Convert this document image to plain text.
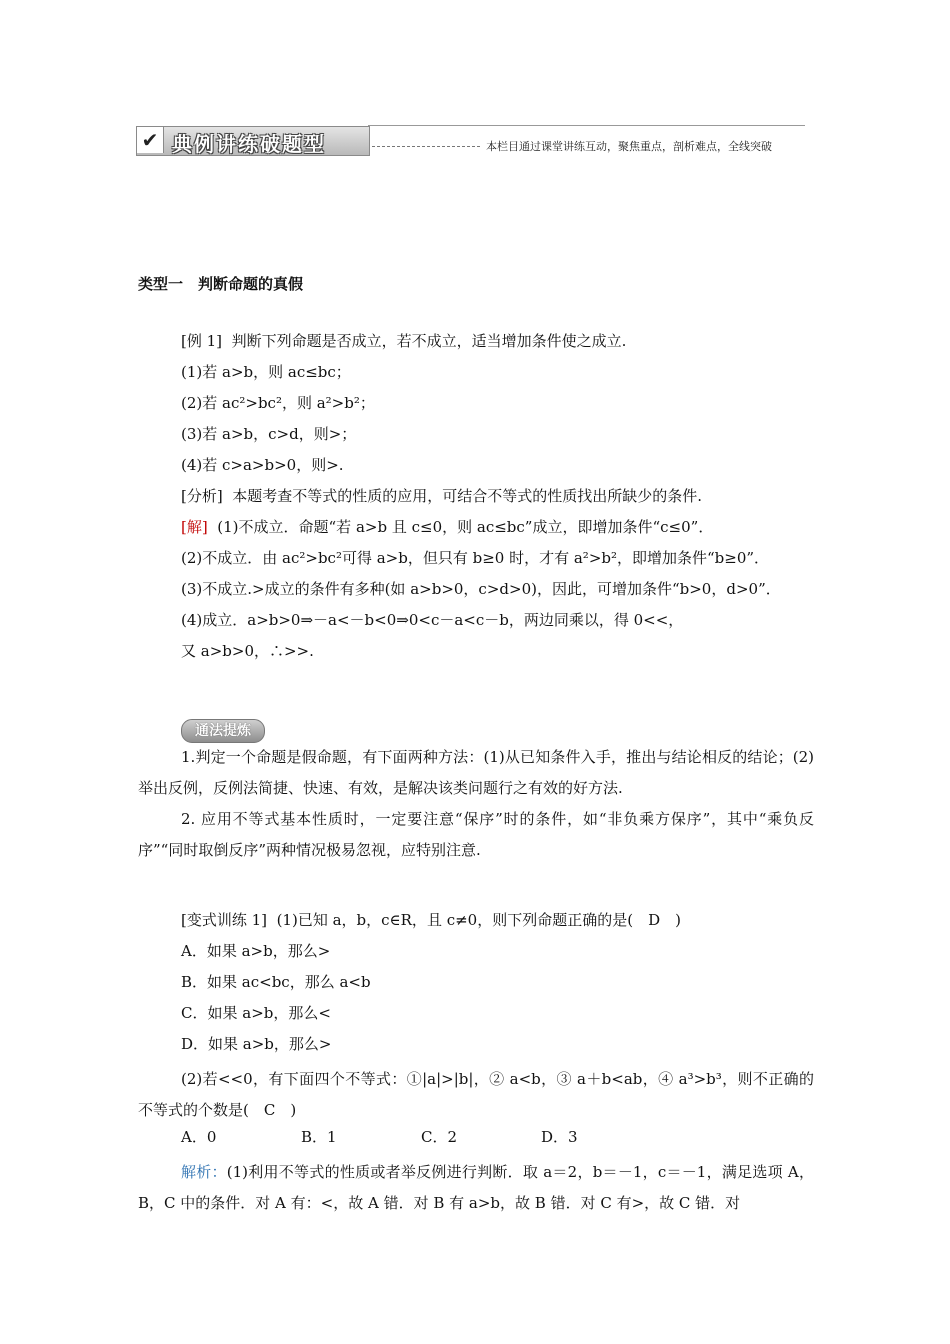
✔ 典例讲练破题型	本栏目通过课堂讲练互动，聚焦重点，剖析难点，全线突破
类型一　判断命题的真假
[例 1] 判断下列命题是否成立，若不成立，适当增加条件使之成立.
(1)若 a>b，则 ac≤bc；
(2)若 ac²>bc²，则 a²>b²；
(3)若 a>b，c>d，则>；
(4)若 c>a>b>0，则>.
[分析] 本题考查不等式的性质的应用，可结合不等式的性质找出所缺少的条件.
[解] (1)不成立．命题“若 a>b 且 c≤0，则 ac≤bc”成立，即增加条件“c≤0”．
(2)不成立．由 ac²>bc²可得 a>b，但只有 b≥0 时，才有 a²>b²，即增加条件“b≥0”．
(3)不成立.>成立的条件有多种(如 a>b>0，c>d>0)，因此，可增加条件“b>0，d>0”．
(4)成立．a>b>0⇒－a<－b<0⇒0<c－a<c－b，两边同乘以，得 0<<，
又 a>b>0，∴>>.
通法提炼
1.判定一个命题是假命题，有下面两种方法：(1)从已知条件入手，推出与结论相反的结论；(2)举出反例，反例法简捷、快速、有效，是解决该类问题行之有效的好方法.
2. 应用不等式基本性质时，一定要注意“保序”时的条件，如“非负乘方保序”，其中“乘负反序”“同时取倒反序”两种情况极易忽视，应特别注意.
[变式训练 1] (1)已知 a，b，c∈R，且 c≠0，则下列命题正确的是(　D　)
A．如果 a>b，那么>
B．如果 ac<bc，那么 a<b
C．如果 a>b，那么<
D．如果 a>b，那么>
(2)若<<0，有下面四个不等式：①|a|>|b|，② a<b，③ a＋b<ab，④ a³>b³，则不正确的不等式的个数是(　C　)
A．0	B．1	C．2	D．3
解析：(1)利用不等式的性质或者举反例进行判断．取 a＝2，b＝－1，c＝－1，满足选项 A，B，C 中的条件．对 A 有：<，故 A 错．对 B 有 a>b，故 B 错．对 C 有>，故 C 错．对
